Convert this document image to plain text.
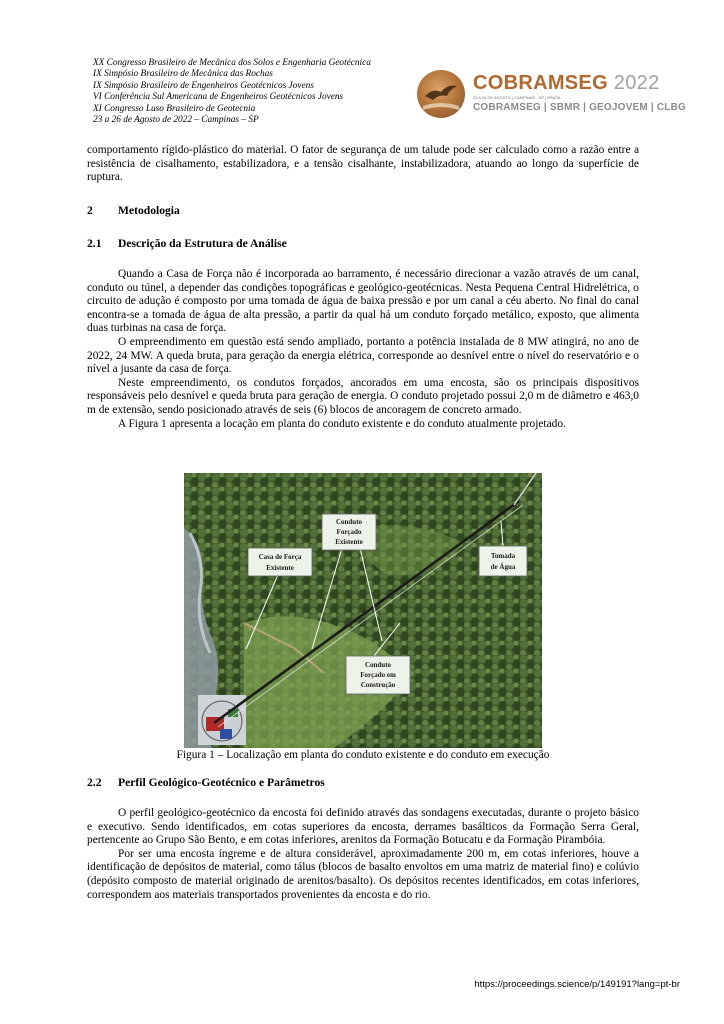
XX Congresso Brasileiro de Mecânica dos Solos e Engenharia Geotécnica
IX Simpósio Brasileiro de Mecânica das Rochas
IX Simpósio Brasileiro de Engenheiros Geotécnicos Jovens
VI Conferência Sul Americana de Engenheiros Geotécnicos Jovens
XI Congresso Luso Brasileiro de Geotecnia
23 a 26 de Agosto de 2022 – Campinas – SP
COBRAMSEG 2022
23 A 26 DE AGOSTO | CAMPINAS - SP | BRASIL
COBRAMSEG | SBMR | GEOJOVEM | CLBG

comportamento rígido-plástico do material. O fator de segurança de um talude pode ser calculado como a razão entre a resistência de cisalhamento, estabilizadora, e a tensão cisalhante, instabilizadora, atuando ao longo da superfície de ruptura.

2 Metodologia
2.1 Descrição da Estrutura de Análise

Quando a Casa de Força não é incorporada ao barramento, é necessário direcionar a vazão através de um canal, conduto ou túnel, a depender das condições topográficas e geológico-geotécnicas. Nesta Pequena Central Hidrelétrica, o circuito de adução é composto por uma tomada de água de baixa pressão e por um canal a céu aberto. No final do canal encontra-se a tomada de água de alta pressão, a partir da qual há um conduto forçado metálico, exposto, que alimenta duas turbinas na casa de força.

O empreendimento em questão está sendo ampliado, portanto a potência instalada de 8 MW atingirá, no ano de 2022, 24 MW. A queda bruta, para geração da energia elétrica, corresponde ao desnível entre o nível do reservatório e o nível a jusante da casa de força.

Neste empreendimento, os condutos forçados, ancorados em uma encosta, são os principais dispositivos responsáveis pelo desnível e queda bruta para geração de energia. O conduto projetado possui 2,0 m de diâmetro e 463,0 m de extensão, sendo posicionado através de seis (6) blocos de ancoragem de concreto armado.

A Figura 1 apresenta a locação em planta do conduto existente e do conduto atualmente projetado.

Conduto
Forçado
Existente
Casa de Força
Existente
Tomada
de Água
Conduto
Forçado em
Construção
Figura 1 – Localização em planta do conduto existente e do conduto em execução
2.2 Perfil Geológico-Geotécnico e Parâmetros

O perfil geológico-geotécnico da encosta foi definido através das sondagens executadas, durante o projeto básico e executivo. Sendo identificados, em cotas superiores da encosta, derrames basálticos da Formação Serra Geral, pertencente ao Grupo São Bento, e em cotas inferiores, arenitos da Formação Botucatu e da Formação Pirambóia.

Por ser uma encosta íngreme e de altura considerável, aproximadamente 200 m, em cotas inferiores, houve a identificação de depósitos de material, como tálus (blocos de basalto envoltos em uma matriz de material fino) e colúvio (depósito composto de material originado de arenitos/basalto). Os depósitos recentes identificados, em cotas inferiores, correspondem aos materiais transportados provenientes da encosta e do rio.

https://proceedings.science/p/149191?lang=pt-br
